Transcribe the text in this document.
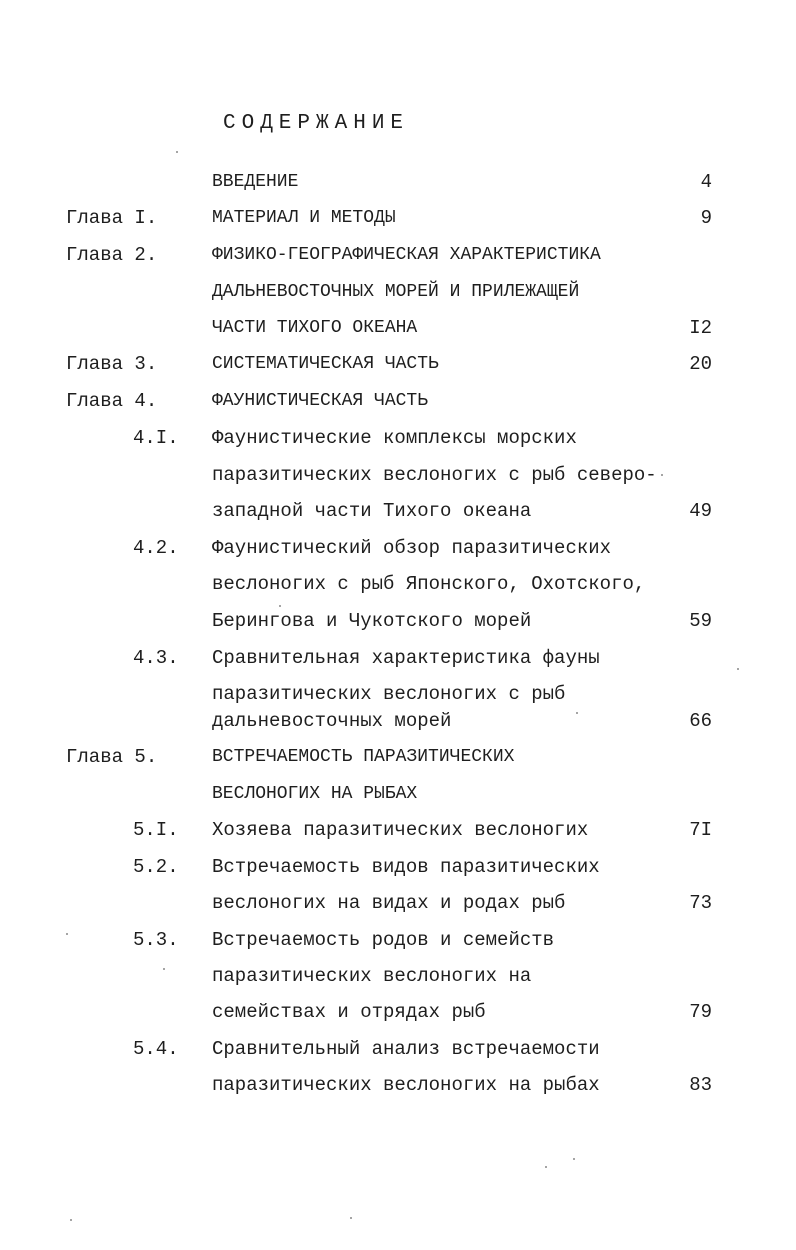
СОДЕРЖАНИЕ
ВВЕДЕНИЕ	4
Глава I.	МАТЕРИАЛ И МЕТОДЫ	9
Глава 2.	ФИЗИКО-ГЕОГРАФИЧЕСКАЯ ХАРАКТЕРИСТИКА
ДАЛЬНЕВОСТОЧНЫХ МОРЕЙ И ПРИЛЕЖАЩЕЙ
ЧАСТИ ТИХОГО ОКЕАНА	I2
Глава 3.	СИСТЕМАТИЧЕСКАЯ ЧАСТЬ	20
Глава 4.	ФАУНИСТИЧЕСКАЯ ЧАСТЬ
4.I. Фаунистические комплексы морских
паразитических веслоногих с рыб северо-
западной части Тихого океана	49
4.2. Фаунистический обзор паразитических
веслоногих с рыб Японского, Охотского,
Берингова и Чукотского морей	59
4.3. Сравнительная характеристика фауны
паразитических веслоногих с рыб
дальневосточных морей	66
Глава 5.	ВСТРЕЧАЕМОСТЬ ПАРАЗИТИЧЕСКИХ
ВЕСЛОНОГИХ НА РЫБАХ
5.I. Хозяева паразитических веслоногих	7I
5.2. Встречаемость видов паразитических
веслоногих на видах и родах рыб	73
5.3. Встречаемость родов и семейств
паразитических веслоногих на
семействах и отрядах рыб	79
5.4. Сравнительный анализ встречаемости
паразитических веслоногих на рыбах	83
